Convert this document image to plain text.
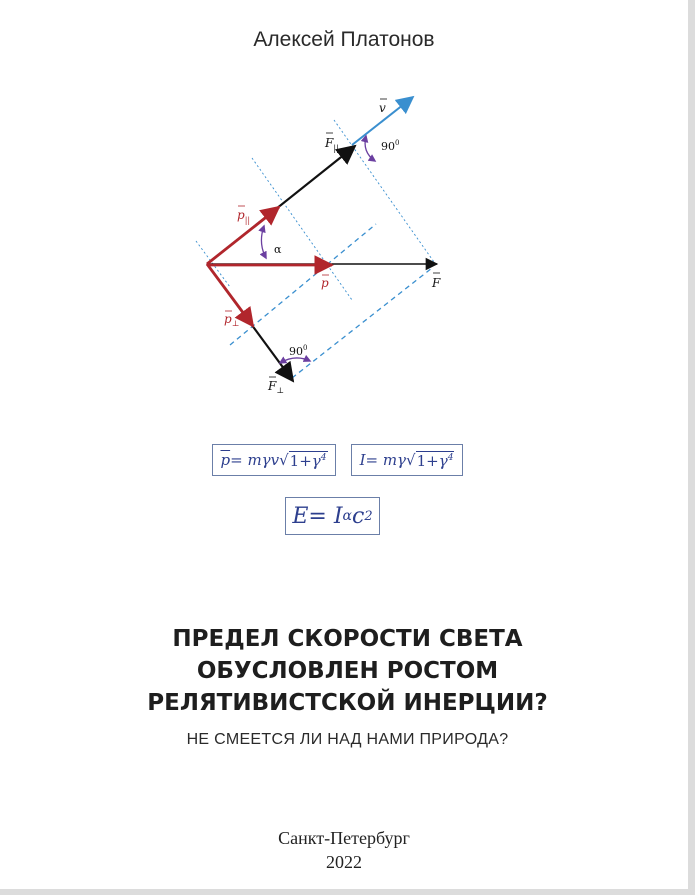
Алексей Платонов
v
$F_{||}$	$90^0$
$p_{||}$
α
p	F
$p_\perp$
$90^0$
$F_\perp$
$\overline{p} = m\gamma v$ √ $1+\gamma^4$ I = mγ √ $1+\gamma^4$
E = I α c 2
ПРЕДЕЛ СКОРОСТИ СВЕТА
ОБУСЛОВЛЕН РОСТОМ
РЕЛЯТИВИСТСКОЙ ИНЕРЦИИ?
НЕ СМЕЕТСЯ ЛИ НАД НАМИ ПРИРОДА?
Санкт-Петербург
2022
